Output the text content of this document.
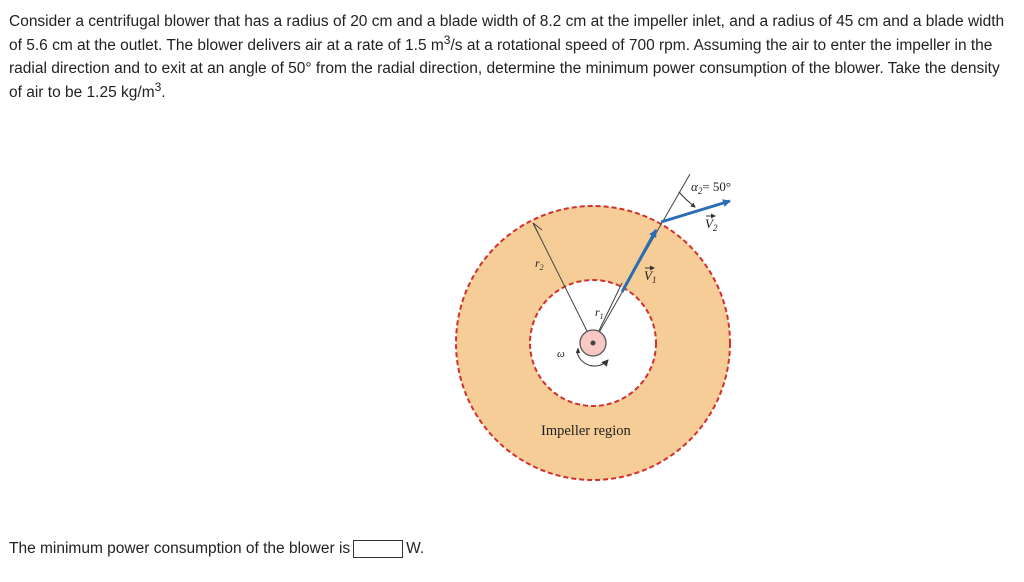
Consider a centrifugal blower that has a radius of 20 cm and a blade width of 8.2 cm at the impeller inlet, and a radius of 45 cm and a blade width of 5.6 cm at the outlet. The blower delivers air at a rate of 1.5 $m^3/s$ at a rotational speed of 700 rpm. Assuming the air to enter the impeller in the radial direction and to exit at an angle of 50° from the radial direction, determine the minimum power consumption of the blower. Take the density of air to be 1.25 $kg/m^3$.
$\alpha_2= 50^\circ$
$V_2$
$V_1$
$r_2$
$r_1$
ω
Impeller region
The minimum power consumption of the blower is	W.
